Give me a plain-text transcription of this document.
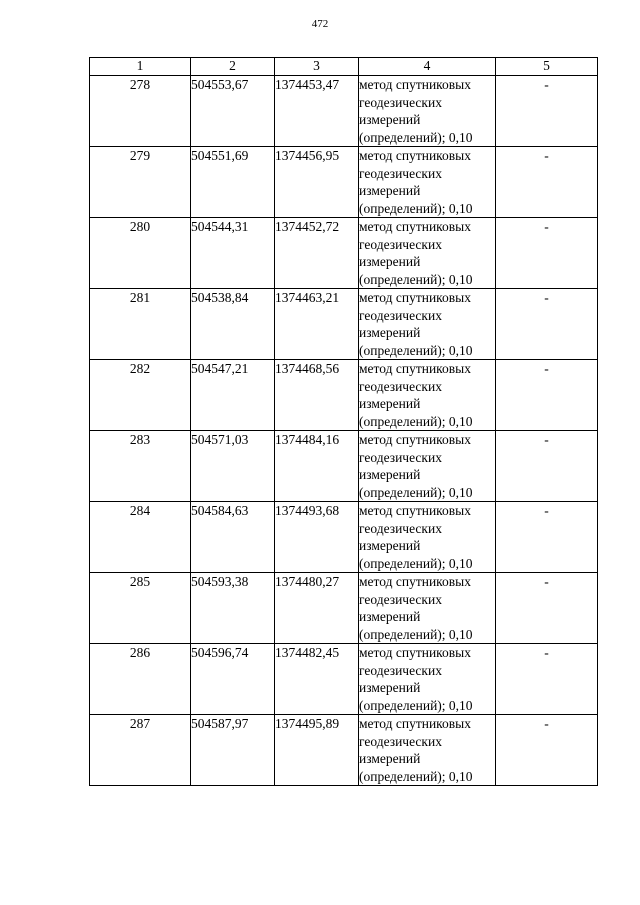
472
1	2	3	4	5
278	504553,67	1374453,47	метод спутниковых
геодезических
измерений
(определений); 0,10	-
279	504551,69	1374456,95	метод спутниковых
геодезических
измерений
(определений); 0,10	-
280	504544,31	1374452,72	метод спутниковых
геодезических
измерений
(определений); 0,10	-
281	504538,84	1374463,21	метод спутниковых
геодезических
измерений
(определений); 0,10	-
282	504547,21	1374468,56	метод спутниковых
геодезических
измерений
(определений); 0,10	-
283	504571,03	1374484,16	метод спутниковых
геодезических
измерений
(определений); 0,10	-
284	504584,63	1374493,68	метод спутниковых
геодезических
измерений
(определений); 0,10	-
285	504593,38	1374480,27	метод спутниковых
геодезических
измерений
(определений); 0,10	-
286	504596,74	1374482,45	метод спутниковых
геодезических
измерений
(определений); 0,10	-
287	504587,97	1374495,89	метод спутниковых
геодезических
измерений
(определений); 0,10	-
